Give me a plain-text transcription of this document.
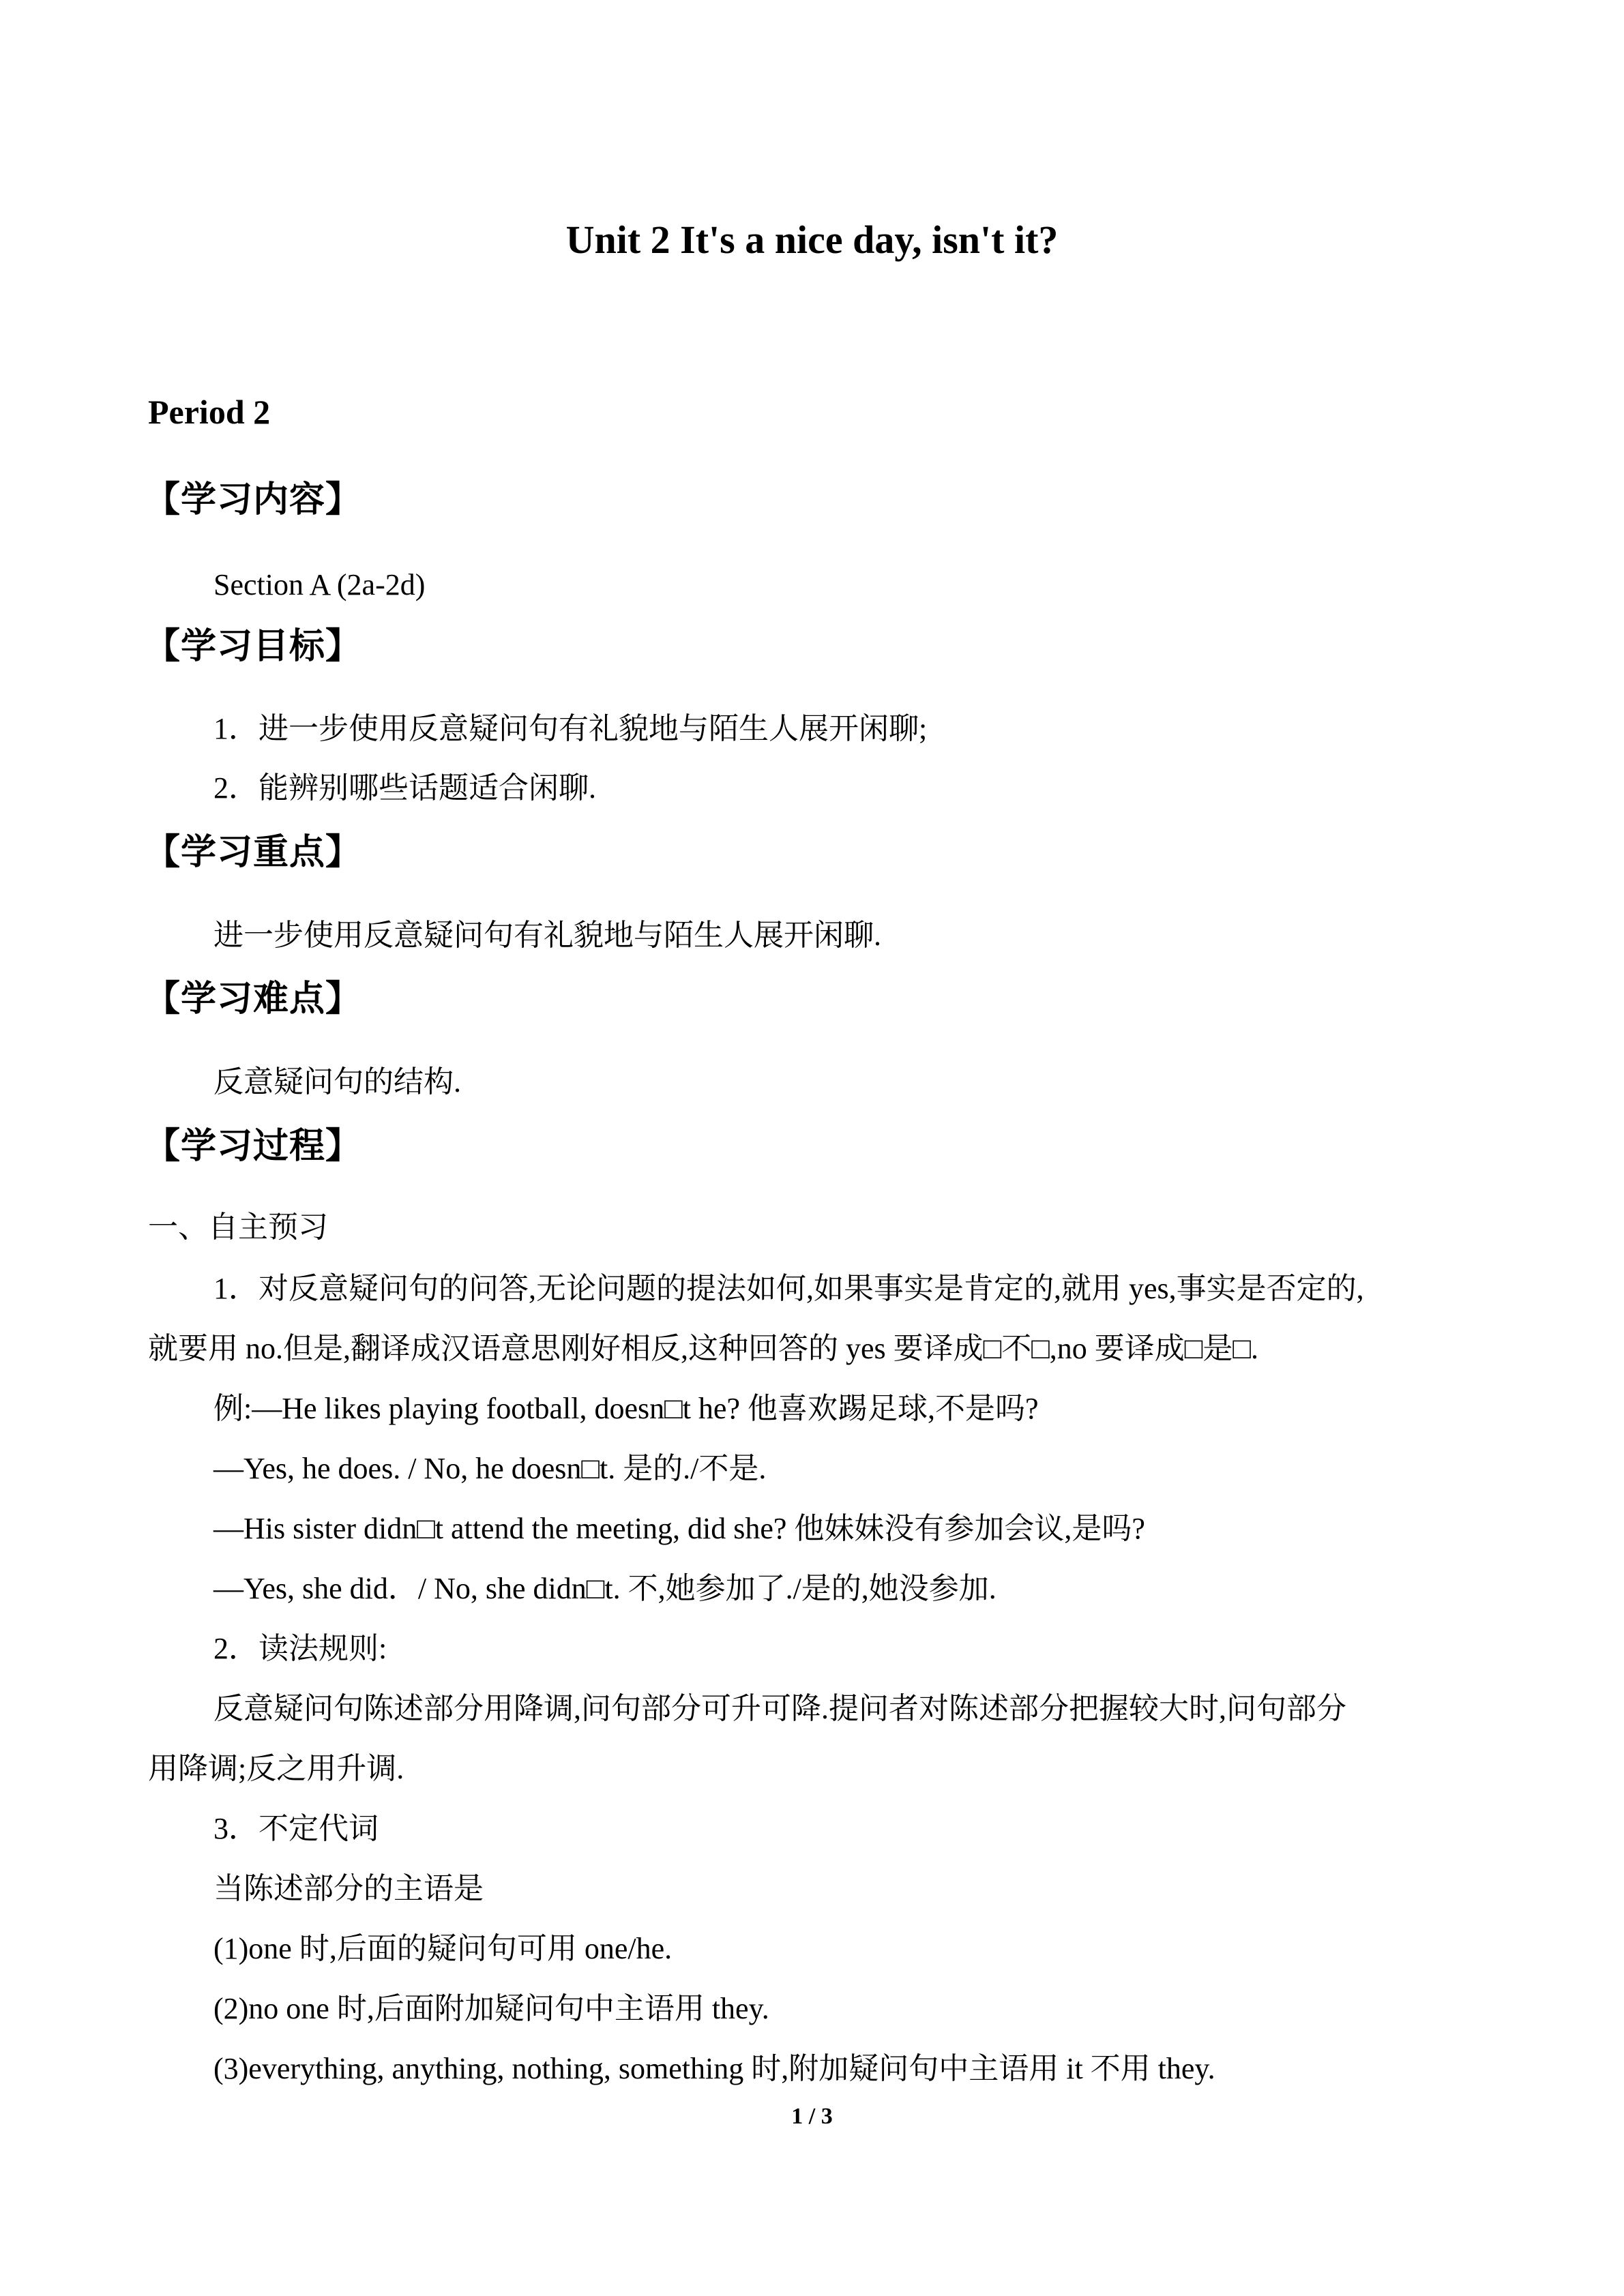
Unit 2 It's a nice day, isn't it?
Period 2
【学习内容】
Section A (2a-2d)
【学习目标】
1．进一步使用反意疑问句有礼貌地与陌生人展开闲聊;
2．能辨别哪些话题适合闲聊.
【学习重点】
进一步使用反意疑问句有礼貌地与陌生人展开闲聊.
【学习难点】
反意疑问句的结构.
【学习过程】
一、自主预习
1．对反意疑问句的问答,无论问题的提法如何,如果事实是肯定的,就用 yes,事实是否定的,
就要用 no.但是,翻译成汉语意思刚好相反,这种回答的 yes 要译成□不□,no 要译成□是□.
例:—He likes playing football, doesn□t he? 他喜欢踢足球,不是吗?
—Yes, he does. / No, he doesn□t. 是的./不是.
—His sister didn□t attend the meeting, did she? 他妹妹没有参加会议,是吗?
—Yes, she did．/ No, she didn□t. 不,她参加了./是的,她没参加.
2．读法规则:
反意疑问句陈述部分用降调,问句部分可升可降.提问者对陈述部分把握较大时,问句部分
用降调;反之用升调.
3．不定代词
当陈述部分的主语是
(1)one 时,后面的疑问句可用 one/he.
(2)no one 时,后面附加疑问句中主语用 they.
(3)everything, anything, nothing, something 时,附加疑问句中主语用 it 不用 they.
1 / 3
